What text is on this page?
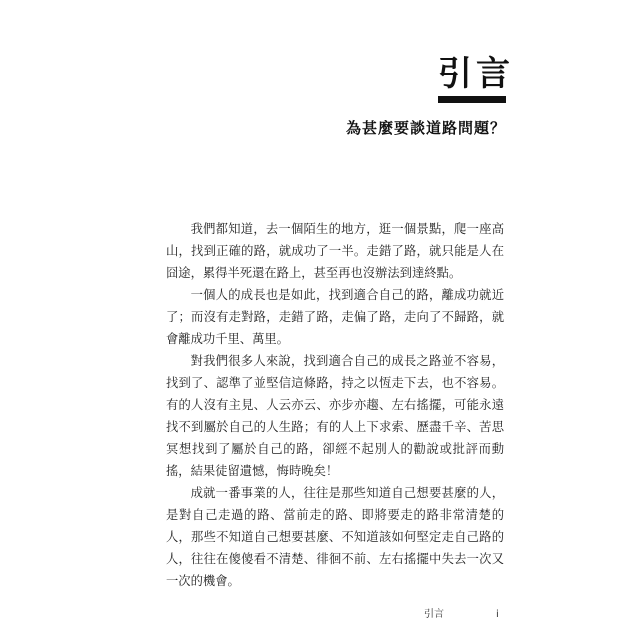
引言
為甚麼要談道路問題？

我們都知道，去一個陌生的地方，逛一個景點，爬一座高山，找到正確的路，就成功了一半。走錯了路，就只能是人在囧途，累得半死還在路上，甚至再也沒辦法到達終點。

一個人的成長也是如此，找到適合自己的路，離成功就近了；而沒有走對路，走錯了路，走偏了路，走向了不歸路，就會離成功千里、萬里。

對我們很多人來說，找到適合自己的成長之路並不容易，找到了、認準了並堅信這條路，持之以恆走下去，也不容易。有的人沒有主見、人云亦云、亦步亦趨、左右搖擺，可能永遠找不到屬於自己的人生路；有的人上下求索、歷盡千辛、苦思冥想找到了屬於自己的路，卻經不起別人的勸說或批評而動搖，結果徒留遺憾，悔時晚矣！

成就一番事業的人，往往是那些知道自己想要甚麼的人，是對自己走過的路、當前走的路、即將要走的路非常清楚的人，那些不知道自己想要甚麼、不知道該如何堅定走自己路的人，往往在傻傻看不清楚、徘徊不前、左右搖擺中失去一次又一次的機會。

引言	i
